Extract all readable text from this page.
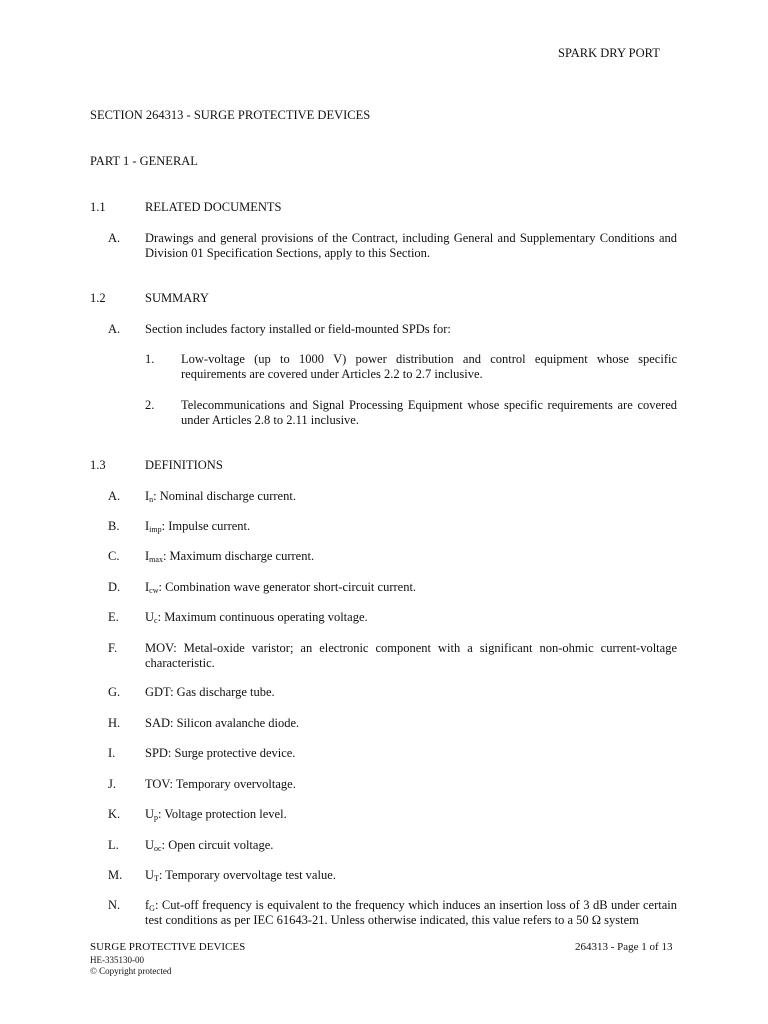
SPARK DRY PORT
SECTION 264313 - SURGE PROTECTIVE DEVICES
PART 1 - GENERAL
1.1	RELATED DOCUMENTS
A. Drawings and general provisions of the Contract, including General and Supplementary Conditions and Division 01 Specification Sections, apply to this Section.
1.2	SUMMARY
A. Section includes factory installed or field-mounted SPDs for:
1. Low-voltage (up to 1000 V) power distribution and control equipment whose specific requirements are covered under Articles 2.2 to 2.7 inclusive.
2. Telecommunications and Signal Processing Equipment whose specific requirements are covered under Articles 2.8 to 2.11 inclusive.
1.3	DEFINITIONS
A. $I_n$: Nominal discharge current.
B. $I_{imp}$: Impulse current.
C. $I_{max}$: Maximum discharge current.
D. $I_{cw}$: Combination wave generator short-circuit current.
E. $U_c$: Maximum continuous operating voltage.
F. MOV: Metal-oxide varistor; an electronic component with a significant non-ohmic current-voltage characteristic.
G. GDT: Gas discharge tube.
H. SAD: Silicon avalanche diode.
I. SPD: Surge protective device.
J. TOV: Temporary overvoltage.
K. $U_p$: Voltage protection level.
L. $U_{oc}$: Open circuit voltage.
M. $U_T$: Temporary overvoltage test value.
N. $f_G$: Cut-off frequency is equivalent to the frequency which induces an insertion loss of 3 dB under certain test conditions as per IEC 61643-21. Unless otherwise indicated, this value refers to a 50 Ω system
SURGE PROTECTIVE DEVICES	264313 - Page 1 of 13
HE-335130-00
© Copyright protected
